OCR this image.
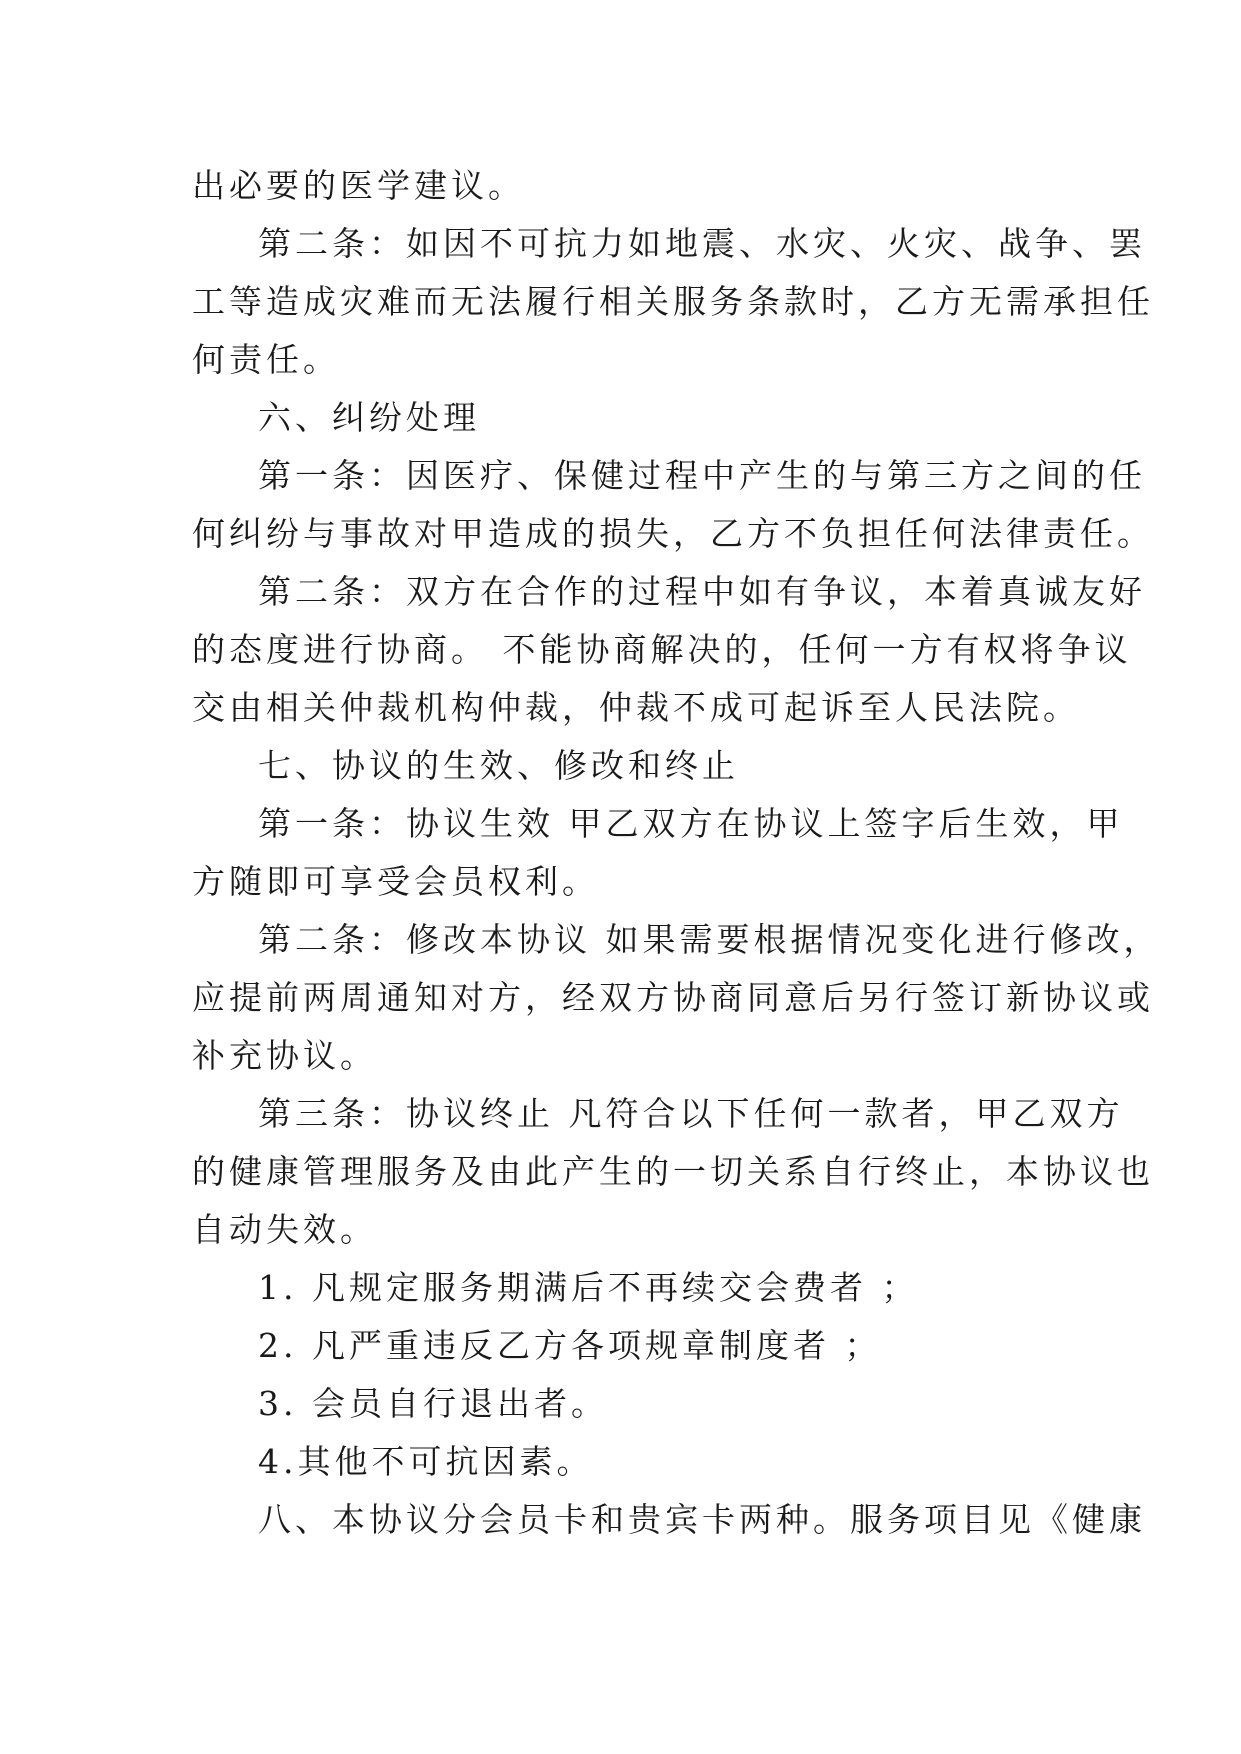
出必要的医学建议。
第二条：如因不可抗力如地震、水灾、火灾、战争、罢
工等造成灾难而无法履行相关服务条款时，乙方无需承担任
何责任。
六、纠纷处理
第一条：因医疗、保健过程中产生的与第三方之间的任
何纠纷与事故对甲造成的损失，乙方不负担任何法律责任。
第二条：双方在合作的过程中如有争议，本着真诚友好
的态度进行协商。 不能协商解决的，任何一方有权将争议
交由相关仲裁机构仲裁，仲裁不成可起诉至人民法院。
七、协议的生效、修改和终止
第一条：协议生效 甲乙双方在协议上签字后生效，甲
方随即可享受会员权利。
第二条：修改本协议 如果需要根据情况变化进行修改，
应提前两周通知对方，经双方协商同意后另行签订新协议或
补充协议。
第三条：协议终止 凡符合以下任何一款者，甲乙双方
的健康管理服务及由此产生的一切关系自行终止，本协议也
自动失效。
1. 凡规定服务期满后不再续交会费者 ；
2. 凡严重违反乙方各项规章制度者 ；
3. 会员自行退出者。
4.其他不可抗因素。
八、本协议分会员卡和贵宾卡两种。服务项目见《健康
